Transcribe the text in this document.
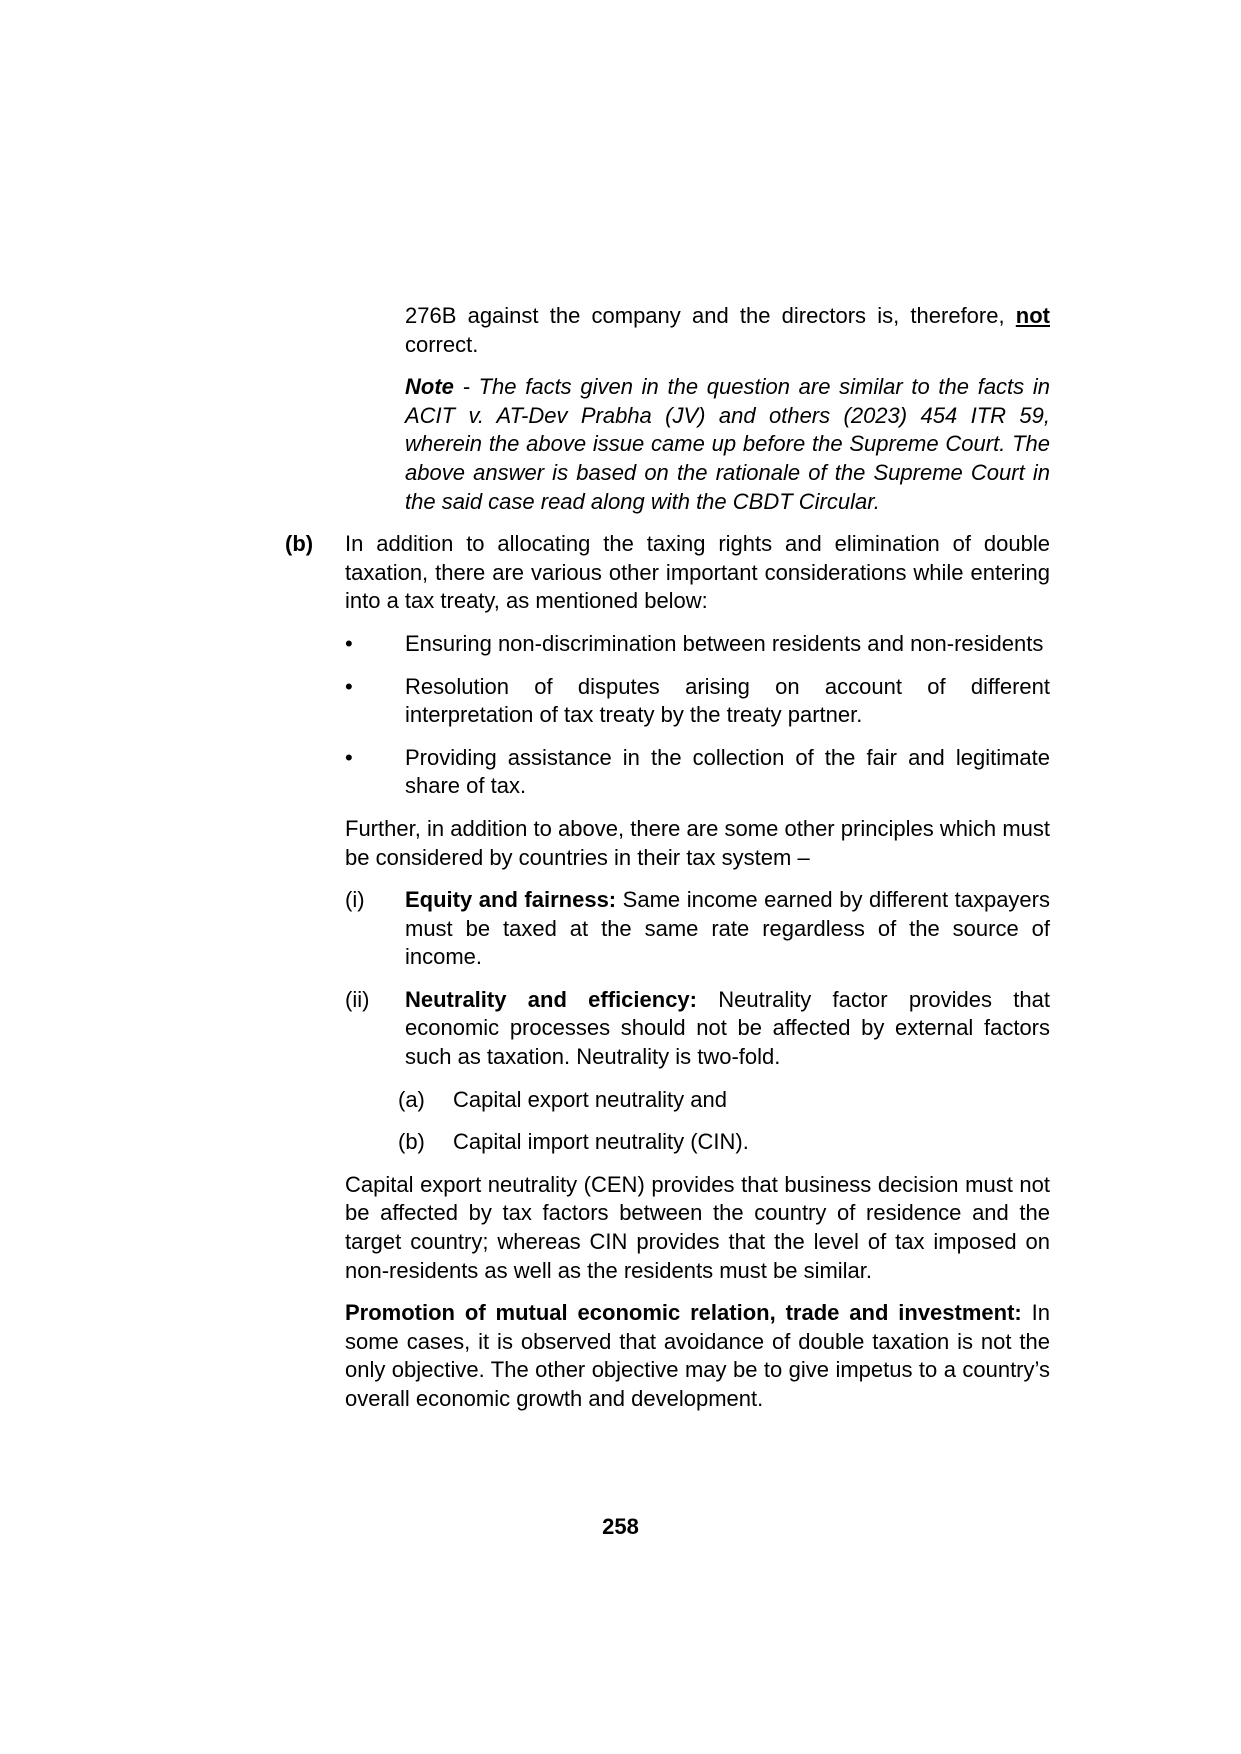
276B against the company and the directors is, therefore, not correct.

Note - The facts given in the question are similar to the facts in ACIT v. AT-Dev Prabha (JV) and others (2023) 454 ITR 59, wherein the above issue came up before the Supreme Court. The above answer is based on the rationale of the Supreme Court in the said case read along with the CBDT Circular.

(b)	In addition to allocating the taxing rights and elimination of double taxation, there are various other important considerations while entering into a tax treaty, as mentioned below:
•	Ensuring non-discrimination between residents and non-residents
•	Resolution of disputes arising on account of different interpretation of tax treaty by the treaty partner.
•	Providing assistance in the collection of the fair and legitimate share of tax.

Further, in addition to above, there are some other principles which must be considered by countries in their tax system –

(i)	Equity and fairness: Same income earned by different taxpayers must be taxed at the same rate regardless of the source of income.
(ii)	Neutrality and efficiency: Neutrality factor provides that economic processes should not be affected by external factors such as taxation. Neutrality is two-fold.
(a)	Capital export neutrality and
(b)	Capital import neutrality (CIN).

Capital export neutrality (CEN) provides that business decision must not be affected by tax factors between the country of residence and the target country; whereas CIN provides that the level of tax imposed on non-residents as well as the residents must be similar.

Promotion of mutual economic relation, trade and investment: In some cases, it is observed that avoidance of double taxation is not the only objective. The other objective may be to give impetus to a country’s overall economic growth and development.

258
